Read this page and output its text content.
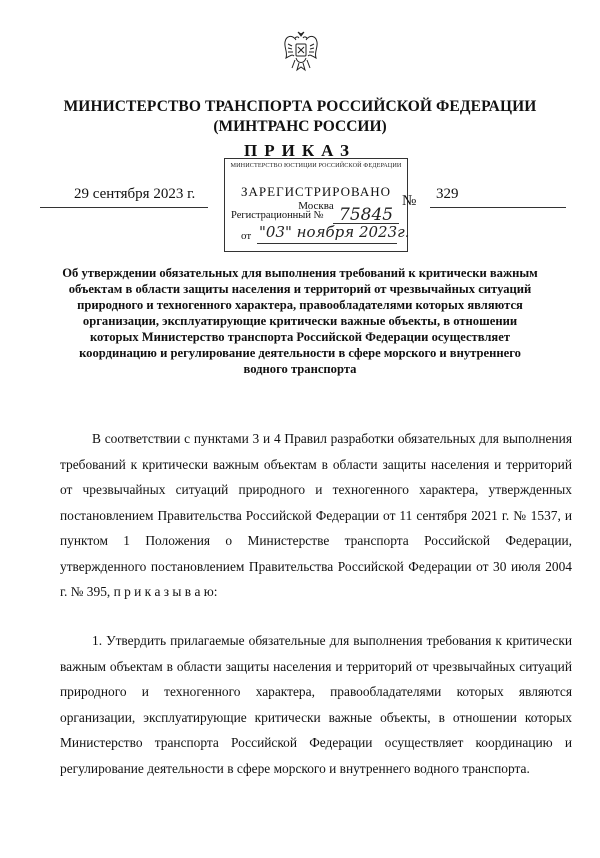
МИНИСТЕРСТВО ТРАНСПОРТА РОССИЙСКОЙ ФЕДЕРАЦИИ
(МИНТРАНС РОССИИ)
ПРИКАЗ
МИНИСТЕРСТВО ЮСТИЦИИ РОССИЙСКОЙ ФЕДЕРАЦИИ
ЗАРЕГИСТРИРОВАНО
Москва
Регистрационный № 75845
от "03" ноября 2023г.
29 сентября 2023 г.	№ 329
Об утверждении обязательных для выполнения требований к критически важным объектам в области защиты населения и территорий от чрезвычайных ситуаций природного и техногенного характера, правообладателями которых являются организации, эксплуатирующие критически важные объекты, в отношении которых Министерство транспорта Российской Федерации осуществляет координацию и регулирование деятельности в сфере морского и внутреннего водного транспорта
В соответствии с пунктами 3 и 4 Правил разработки обязательных для выполнения требований к критически важным объектам в области защиты населения и территорий от чрезвычайных ситуаций природного и техногенного характера, утвержденных постановлением Правительства Российской Федерации от 11 сентября 2021 г. № 1537, и пунктом 1 Положения о Министерстве транспорта Российской Федерации, утвержденного постановлением Правительства Российской Федерации от 30 июля 2004 г. № 395, п р и к а з ы в а ю:
1. Утвердить прилагаемые обязательные для выполнения требования к критически важным объектам в области защиты населения и территорий от чрезвычайных ситуаций природного и техногенного характера, правообладателями которых являются организации, эксплуатирующие критически важные объекты, в отношении которых Министерство транспорта Российской Федерации осуществляет координацию и регулирование деятельности в сфере морского и внутреннего водного транспорта.
